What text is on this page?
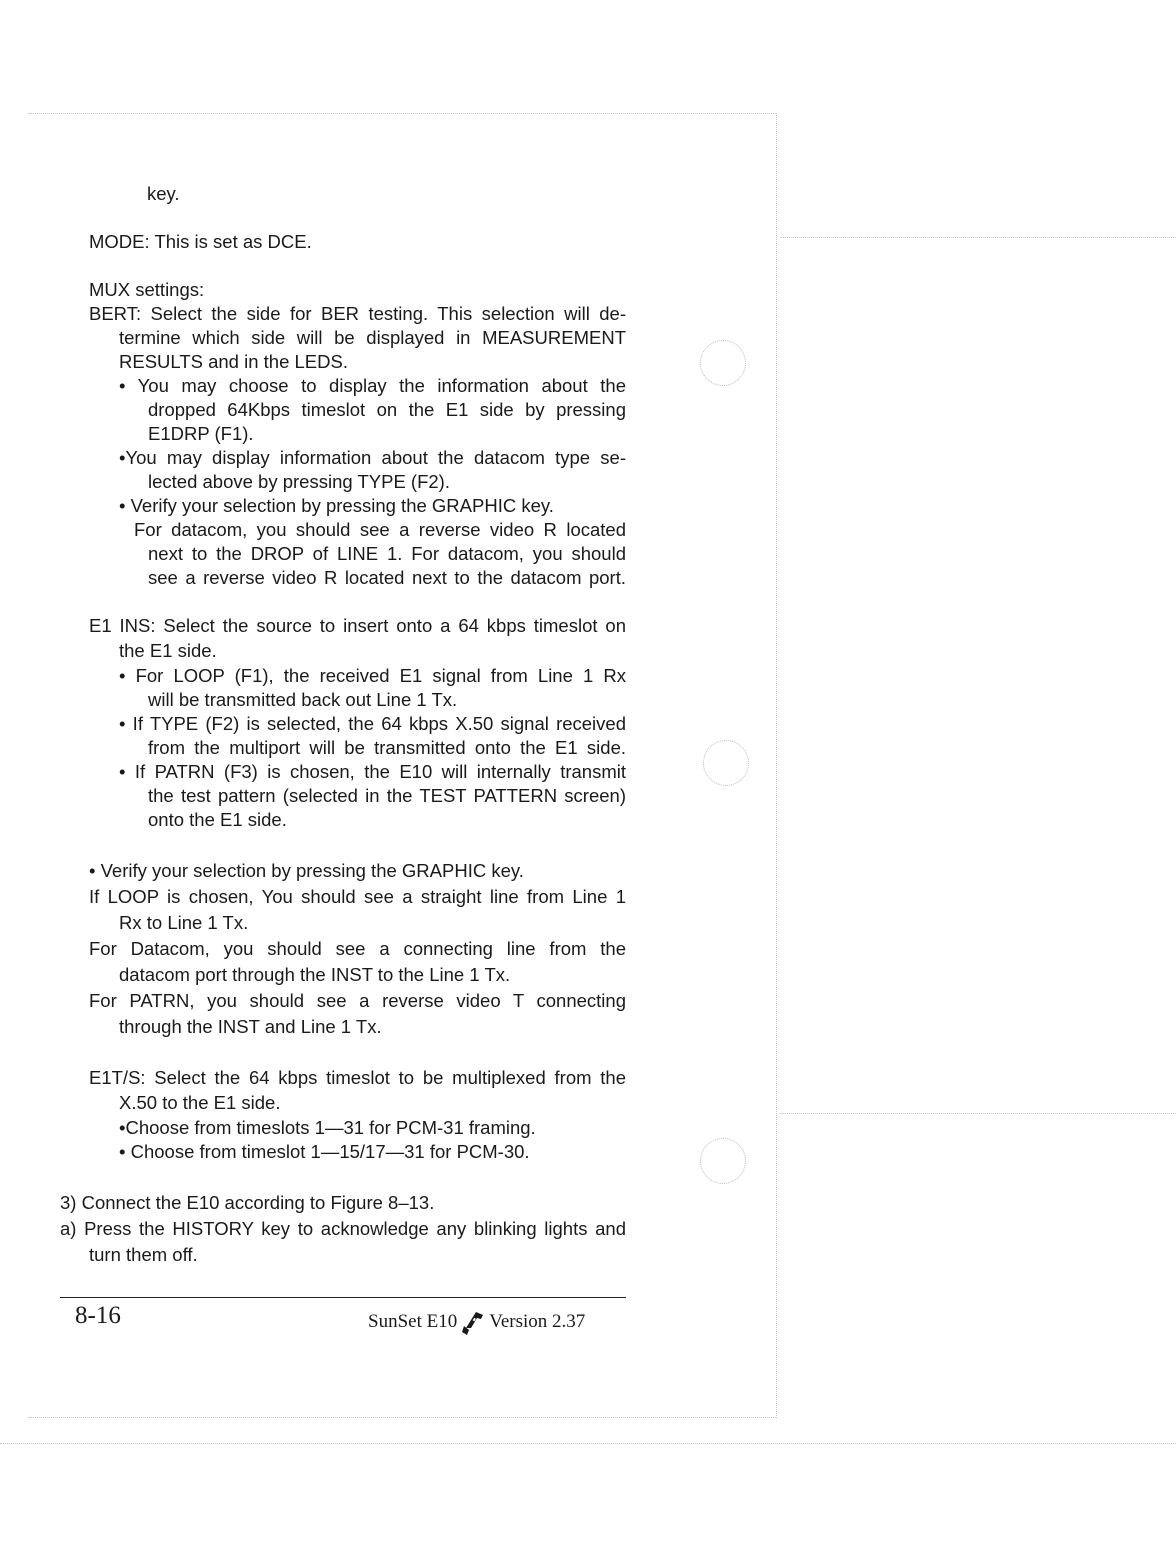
key.
MODE: This is set as DCE.
MUX settings:
BERT: Select the side for BER testing. This selection will de-
termine which side will be displayed in MEASUREMENT
RESULTS and in the LEDS.
• You may choose to display the information about the
dropped 64Kbps timeslot on the E1 side by pressing
E1DRP (F1).
•You may display information about the datacom type se-
lected above by pressing TYPE (F2).
• Verify your selection by pressing the GRAPHIC key.
For datacom, you should see a reverse video R located
next to the DROP of LINE 1. For datacom, you should
see a reverse video R located next to the datacom port.
E1 INS: Select the source to insert onto a 64 kbps timeslot on
the E1 side.
• For LOOP (F1), the received E1 signal from Line 1 Rx
will be transmitted back out Line 1 Tx.
• If TYPE (F2) is selected, the 64 kbps X.50 signal received
from the multiport will be transmitted onto the E1 side.
• If PATRN (F3) is chosen, the E10 will internally transmit
the test pattern (selected in the TEST PATTERN screen)
onto the E1 side.
• Verify your selection by pressing the GRAPHIC key.
If LOOP is chosen, You should see a straight line from Line 1
Rx to Line 1 Tx.
For Datacom, you should see a connecting line from the
datacom port through the INST to the Line 1 Tx.
For PATRN, you should see a reverse video T connecting
through the INST and Line 1 Tx.
E1T/S: Select the 64 kbps timeslot to be multiplexed from the
X.50 to the E1 side.
•Choose from timeslots 1—31 for PCM-31 framing.
• Choose from timeslot 1—15/17—31 for PCM-30.
3) Connect the E10 according to Figure 8–13.
a) Press the HISTORY key to acknowledge any blinking lights and
turn them off.
8-16	SunSet E10 Version 2.37
